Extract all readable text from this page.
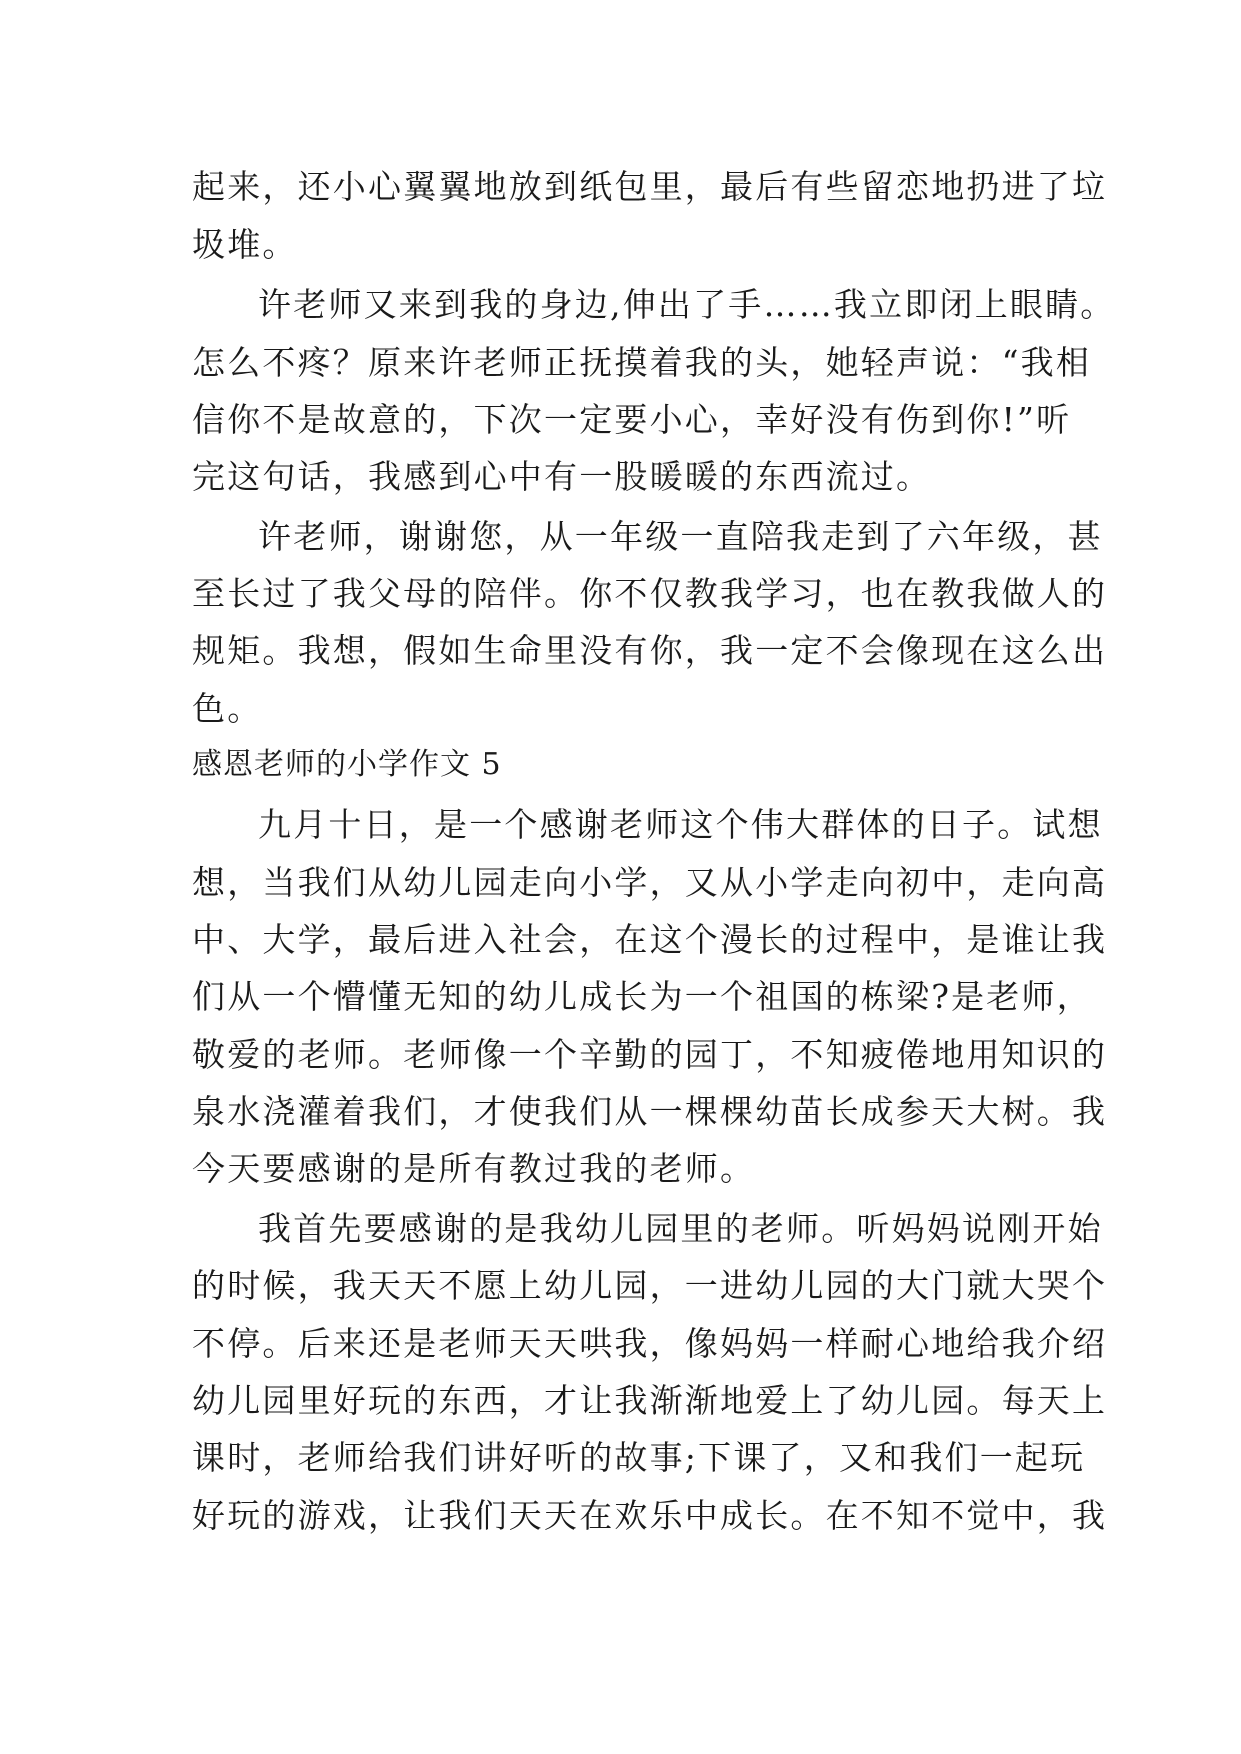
起来，还小心翼翼地放到纸包里，最后有些留恋地扔进了垃
圾堆。
许老师又来到我的身边,伸出了手……我立即闭上眼睛。
怎么不疼？原来许老师正抚摸着我的头，她轻声说：“我相
信你不是故意的，下次一定要小心，幸好没有伤到你!”听
完这句话，我感到心中有一股暖暖的东西流过。
许老师，谢谢您，从一年级一直陪我走到了六年级，甚
至长过了我父母的陪伴。你不仅教我学习，也在教我做人的
规矩。我想，假如生命里没有你，我一定不会像现在这么出
色。
感恩老师的小学作文 5
九月十日，是一个感谢老师这个伟大群体的日子。试想
想，当我们从幼儿园走向小学，又从小学走向初中，走向高
中、大学，最后进入社会，在这个漫长的过程中，是谁让我
们从一个懵懂无知的幼儿成长为一个祖国的栋梁?是老师，
敬爱的老师。老师像一个辛勤的园丁，不知疲倦地用知识的
泉水浇灌着我们，才使我们从一棵棵幼苗长成参天大树。我
今天要感谢的是所有教过我的老师。
我首先要感谢的是我幼儿园里的老师。听妈妈说刚开始
的时候，我天天不愿上幼儿园，一进幼儿园的大门就大哭个
不停。后来还是老师天天哄我，像妈妈一样耐心地给我介绍
幼儿园里好玩的东西，才让我渐渐地爱上了幼儿园。每天上
课时，老师给我们讲好听的故事;下课了，又和我们一起玩
好玩的游戏，让我们天天在欢乐中成长。在不知不觉中，我
